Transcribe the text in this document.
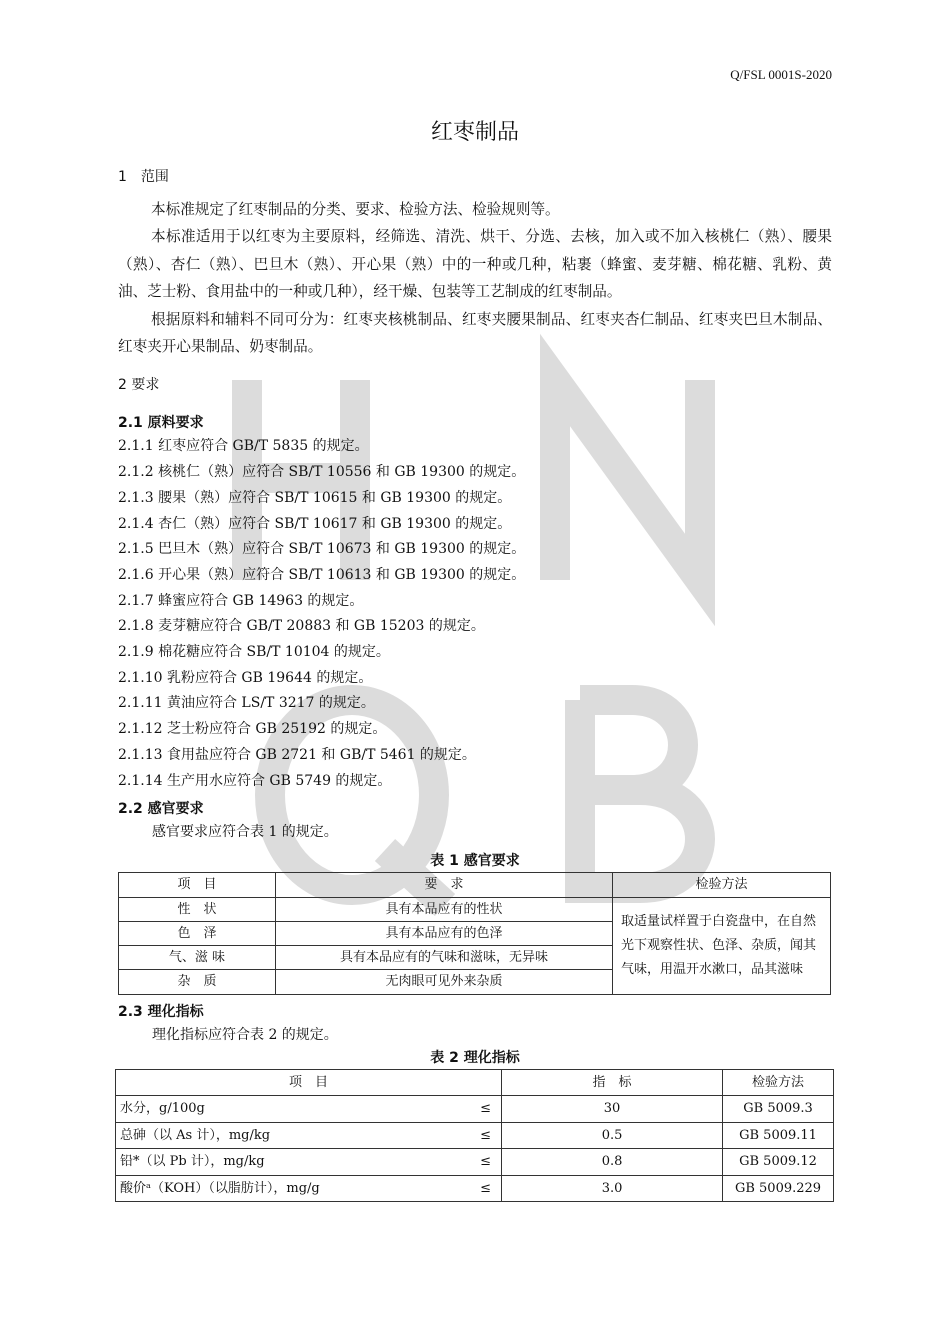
Q/FSL 0001S-2020
红枣制品
1　范围
本标准规定了红枣制品的分类、要求、检验方法、检验规则等。
本标准适用于以红枣为主要原料，经筛选、清洗、烘干、分选、去核，加入或不加入核桃仁（熟）、腰果（熟）、杏仁（熟）、巴旦木（熟）、开心果（熟）中的一种或几种，粘裹（蜂蜜、麦芽糖、棉花糖、乳粉、黄油、芝士粉、食用盐中的一种或几种），经干燥、包装等工艺制成的红枣制品。
根据原料和辅料不同可分为：红枣夹核桃制品、红枣夹腰果制品、红枣夹杏仁制品、红枣夹巴旦木制品、红枣夹开心果制品、奶枣制品。
2 要求
2.1 原料要求
2.1.1 红枣应符合 GB/T 5835 的规定。
2.1.2 核桃仁（熟）应符合 SB/T 10556 和 GB 19300 的规定。
2.1.3 腰果（熟）应符合 SB/T 10615 和 GB 19300 的规定。
2.1.4 杏仁（熟）应符合 SB/T 10617 和 GB 19300 的规定。
2.1.5 巴旦木（熟）应符合 SB/T 10673 和 GB 19300 的规定。
2.1.6 开心果（熟）应符合 SB/T 10613 和 GB 19300 的规定。
2.1.7 蜂蜜应符合 GB 14963 的规定。
2.1.8 麦芽糖应符合 GB/T 20883 和 GB 15203 的规定。
2.1.9 棉花糖应符合 SB/T 10104 的规定。
2.1.10 乳粉应符合 GB 19644 的规定。
2.1.11 黄油应符合 LS/T 3217 的规定。
2.1.12 芝士粉应符合 GB 25192 的规定。
2.1.13 食用盐应符合 GB 2721 和 GB/T 5461 的规定。
2.1.14 生产用水应符合 GB 5749 的规定。
2.2 感官要求
感官要求应符合表 1 的规定。
表 1 感官要求
项　目	要　求	检验方法
性　状	具有本品应有的性状	取适量试样置于白瓷盘中，在自然光下观察性状、色泽、杂质，闻其气味，用温开水漱口，品其滋味
色　泽	具有本品应有的色泽	
气、滋 味	具有本品应有的气味和滋味，无异味	
杂　质	无肉眼可见外来杂质	
2.3 理化指标
理化指标应符合表 2 的规定。
表 2 理化指标
项　目		指　标	检验方法
水分，g/100g	≤	30	GB 5009.3
总砷（以 As 计），mg/kg	≤	0.5	GB 5009.11
铅*（以 Pb 计），mg/kg	≤	0.8	GB 5009.12
酸价ᵃ（KOH）（以脂肪计），mg/g	≤	3.0	GB 5009.229
